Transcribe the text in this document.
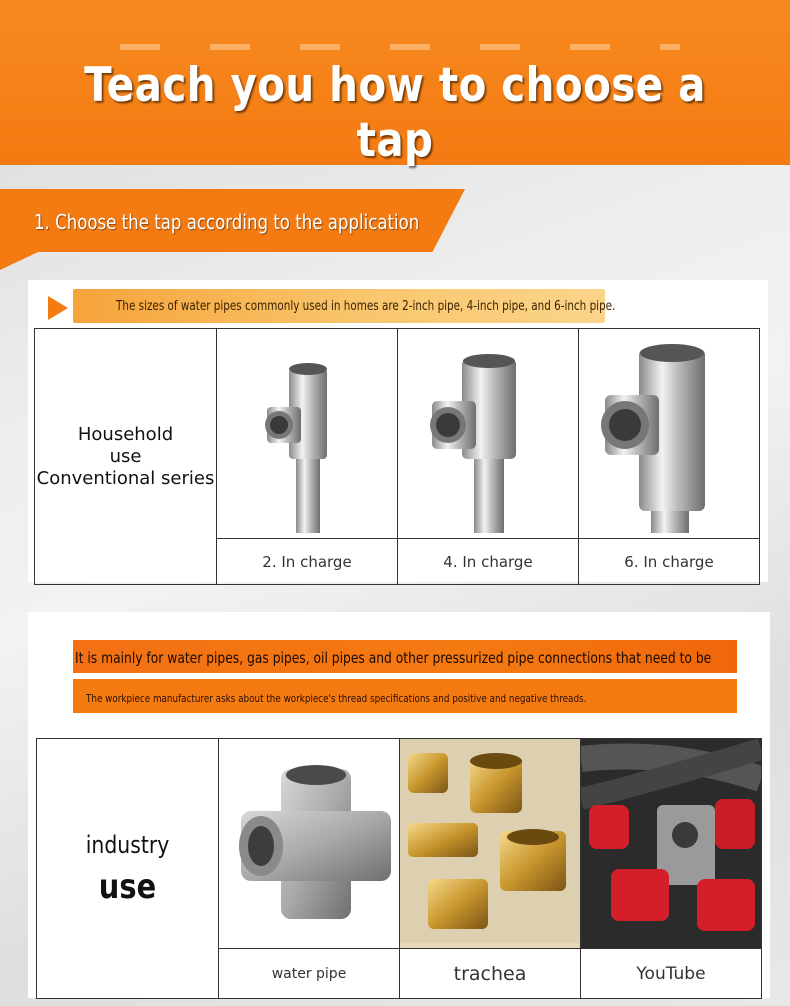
Teach you how to choose a tap
1. Choose the tap according to the application
The sizes of water pipes commonly used in homes are 2-inch pipe, 4-inch pipe, and 6-inch pipe.
Household
use
Conventional series

	2. In charge	4. In charge	6. In charge
It is mainly for water pipes, gas pipes, oil pipes and other pressurized pipe connections that need to be
The workpiece manufacturer asks about the workpiece's thread specifications and positive and negative threads.
industry
use

	water pipe	trachea	YouTube
